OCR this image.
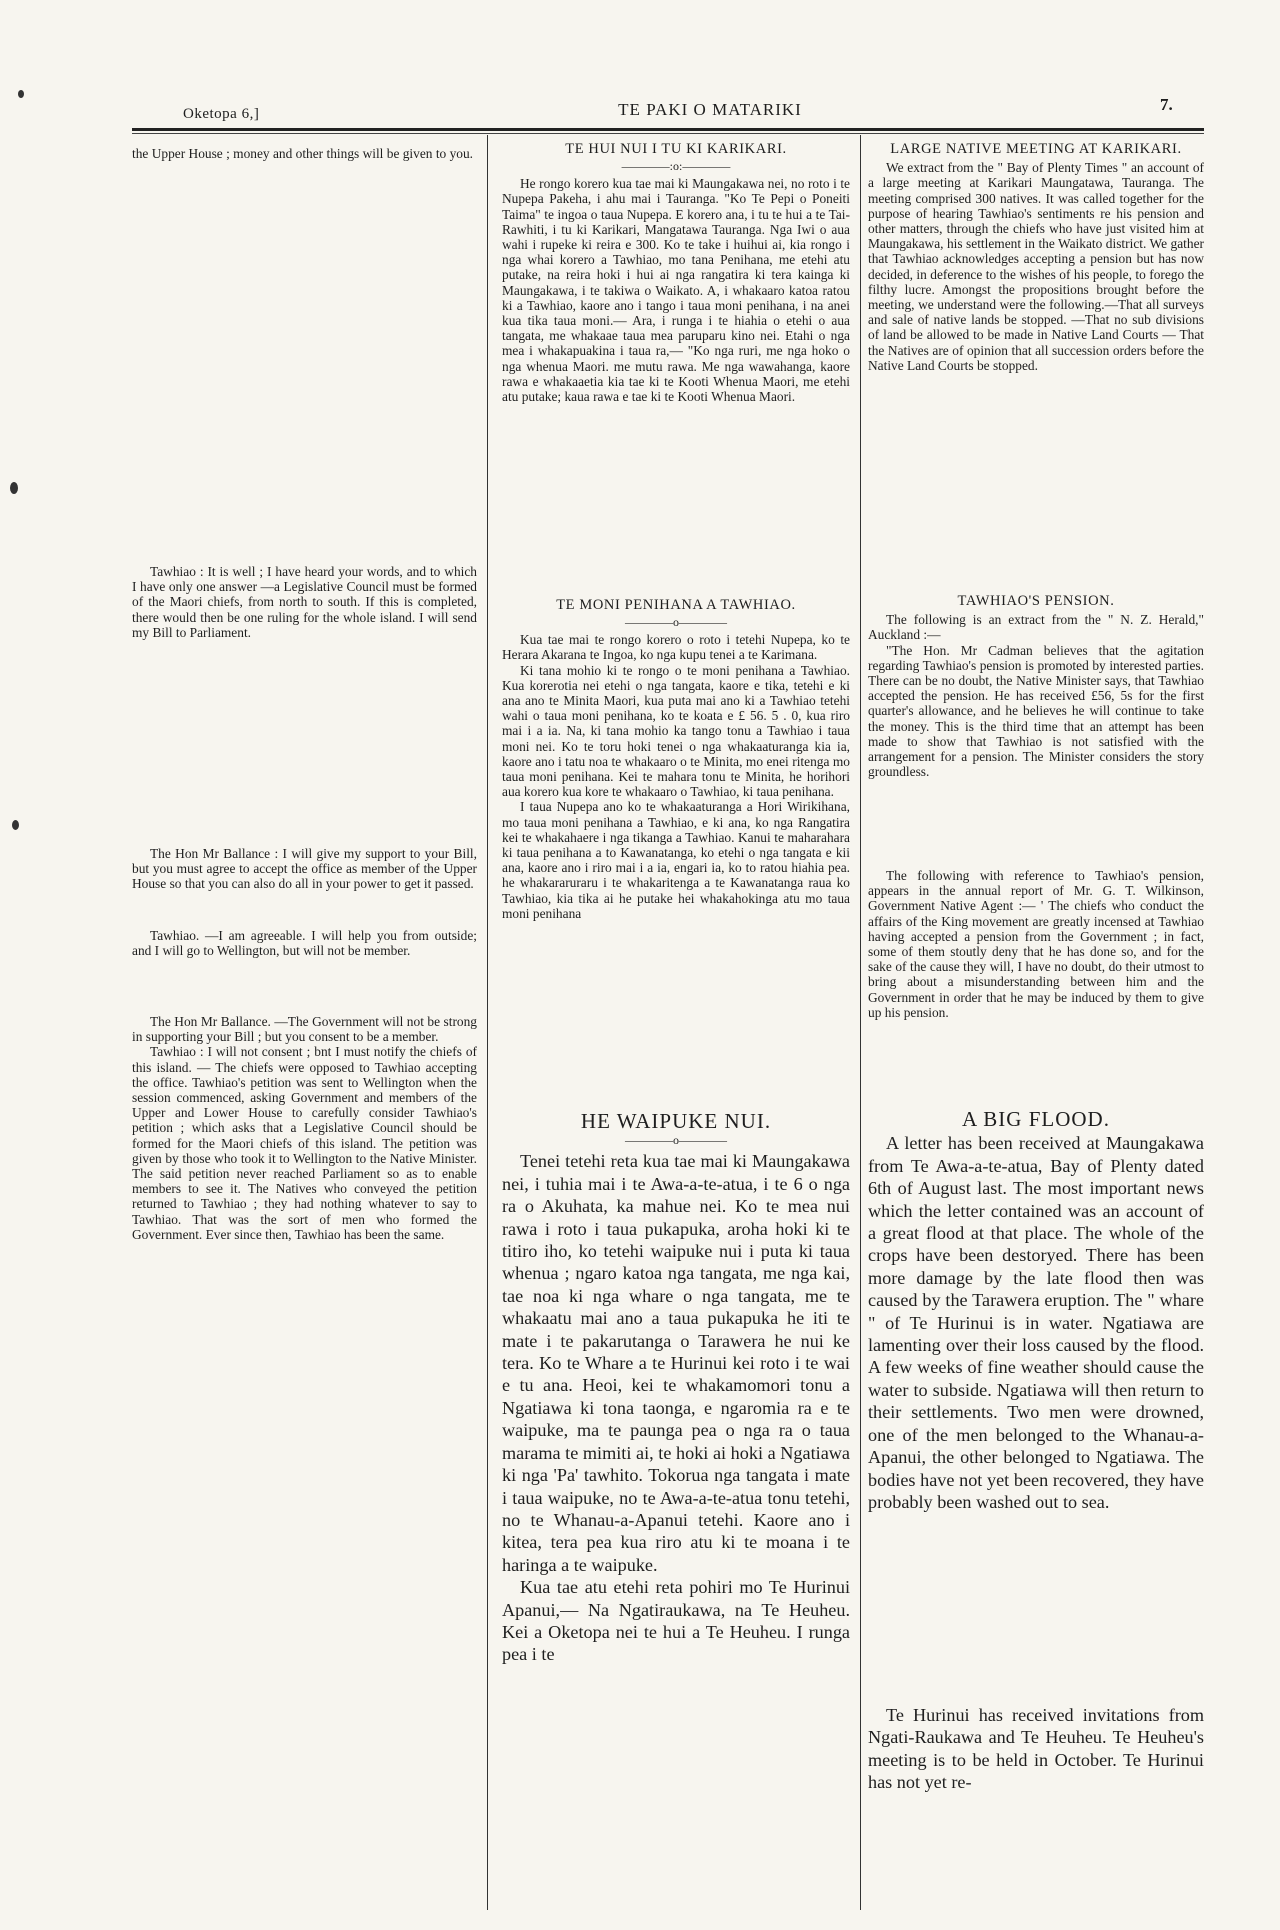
Oketopa 6,]	TE PAKI O MATARIKI	7.

the Upper House ; money and other things will be given to you.

Tawhiao : It is well ; I have heard your words, and to which I have only one answer —a Legislative Council must be formed of the Maori chiefs, from north to south. If this is completed, there would then be one ruling for the whole island. I will send my Bill to Parliament.

The Hon Mr Ballance : I will give my support to your Bill, but you must agree to accept the office as member of the Upper House so that you can also do all in your power to get it passed.

Tawhiao. —I am agreeable. I will help you from outside; and I will go to Wellington, but will not be member.

The Hon Mr Ballance. —The Government will not be strong in supporting your Bill ; but you consent to be a member.

Tawhiao : I will not consent ; bnt I must notify the chiefs of this island. — The chiefs were opposed to Tawhiao accepting the office. Tawhiao's petition was sent to Wellington when the session commenced, asking Government and members of the Upper and Lower House to carefully consider Tawhiao's petition ; which asks that a Legislative Council should be formed for the Maori chiefs of this island. The petition was given by those who took it to Wellington to the Native Minister. The said petition never reached Parliament so as to enable members to see it. The Natives who conveyed the petition returned to Tawhiao ; they had nothing whatever to say to Tawhiao. That was the sort of men who formed the Government. Ever since then, Tawhiao has been the same.

TE HUI NUI I TU KI KARIKARI.
————:o:————

He rongo korero kua tae mai ki Maungakawa nei, no roto i te Nupepa Pakeha, i ahu mai i Tauranga. "Ko Te Pepi o Poneiti Taima" te ingoa o taua Nupepa. E korero ana, i tu te hui a te Tai-Rawhiti, i tu ki Karikari, Mangatawa Tauranga. Nga Iwi o aua wahi i rupeke ki reira e 300. Ko te take i huihui ai, kia rongo i nga whai korero a Tawhiao, mo tana Penihana, me etehi atu putake, na reira hoki i hui ai nga rangatira ki tera kainga ki Maungakawa, i te takiwa o Waikato. A, i whakaaro katoa ratou ki a Tawhiao, kaore ano i tango i taua moni penihana, i na anei kua tika taua moni.— Ara, i runga i te hiahia o etehi o aua tangata, me whakaae taua mea paruparu kino nei. Etahi o nga mea i whakapuakina i taua ra,— "Ko nga ruri, me nga hoko o nga whenua Maori. me mutu rawa. Me nga wawahanga, kaore rawa e whakaaetia kia tae ki te Kooti Whenua Maori, me etehi atu putake; kaua rawa e tae ki te Kooti Whenua Maori.

TE MONI PENIHANA A TAWHIAO.
————o————

Kua tae mai te rongo korero o roto i tetehi Nupepa, ko te Herara Akarana te Ingoa, ko nga kupu tenei a te Karimana.

Ki tana mohio ki te rongo o te moni penihana a Tawhiao. Kua korerotia nei etehi o nga tangata, kaore e tika, tetehi e ki ana ano te Minita Maori, kua puta mai ano ki a Tawhiao tetehi wahi o taua moni penihana, ko te koata e £ 56. 5 . 0, kua riro mai i a ia. Na, ki tana mohio ka tango tonu a Tawhiao i taua moni nei. Ko te toru hoki tenei o nga whakaaturanga kia ia, kaore ano i tatu noa te whakaaro o te Minita, mo enei ritenga mo taua moni penihana. Kei te mahara tonu te Minita, he horihori aua korero kua kore te whakaaro o Tawhiao, ki taua penihana.

I taua Nupepa ano ko te whakaaturanga a Hori Wirikihana, mo taua moni penihana a Tawhiao, e ki ana, ko nga Rangatira kei te whakahaere i nga tikanga a Tawhiao. Kanui te maharahara ki taua penihana a to Kawanatanga, ko etehi o nga tangata e kii ana, kaore ano i riro mai i a ia, engari ia, ko to ratou hiahia pea. he whakararuraru i te whakaritenga a te Kawanatanga raua ko Tawhiao, kia tika ai he putake hei whakahokinga atu mo taua moni penihana

HE WAIPUKE NUI.
————o————

Tenei tetehi reta kua tae mai ki Maungakawa nei, i tuhia mai i te Awa-a-te-atua, i te 6 o nga ra o Akuhata, ka mahue nei. Ko te mea nui rawa i roto i taua pukapuka, aroha hoki ki te titiro iho, ko tetehi waipuke nui i puta ki taua whenua ; ngaro katoa nga tangata, me nga kai, tae noa ki nga whare o nga tangata, me te whakaatu mai ano a taua pukapuka he iti te mate i te pakarutanga o Tarawera he nui ke tera. Ko te Whare a te Hurinui kei roto i te wai e tu ana. Heoi, kei te whakamomori tonu a Ngatiawa ki tona taonga, e ngaromia ra e te waipuke, ma te paunga pea o nga ra o taua marama te mimiti ai, te hoki ai hoki a Ngatiawa ki nga 'Pa' tawhito. Tokorua nga tangata i mate i taua waipuke, no te Awa-a-te-atua tonu tetehi, no te Whanau-a-Apanui tetehi. Kaore ano i kitea, tera pea kua riro atu ki te moana i te haringa a te waipuke.

Kua tae atu etehi reta pohiri mo Te Hurinui Apanui,— Na Ngatiraukawa, na Te Heuheu. Kei a Oketopa nei te hui a Te Heuheu. I runga pea i te

LARGE NATIVE MEETING AT KARIKARI.

We extract from the " Bay of Plenty Times " an account of a large meeting at Karikari Maungatawa, Tauranga. The meeting comprised 300 natives. It was called together for the purpose of hearing Tawhiao's sentiments re his pension and other matters, through the chiefs who have just visited him at Maungakawa, his settlement in the Waikato district. We gather that Tawhiao acknowledges accepting a pension but has now decided, in deference to the wishes of his people, to forego the filthy lucre. Amongst the propositions brought before the meeting, we understand were the following.—That all surveys and sale of native lands be stopped. —That no sub divisions of land be allowed to be made in Native Land Courts — That the Natives are of opinion that all succession orders before the Native Land Courts be stopped.

TAWHIAO'S PENSION.

The following is an extract from the " N. Z. Herald," Auckland :—

"The Hon. Mr Cadman believes that the agitation regarding Tawhiao's pension is promoted by interested parties. There can be no doubt, the Native Minister says, that Tawhiao accepted the pension. He has received £56, 5s for the first quarter's allowance, and he believes he will continue to take the money. This is the third time that an attempt has been made to show that Tawhiao is not satisfied with the arrangement for a pension. The Minister considers the story groundless.

The following with reference to Tawhiao's pension, appears in the annual report of Mr. G. T. Wilkinson, Government Native Agent :— ' The chiefs who conduct the affairs of the King movement are greatly incensed at Tawhiao having accepted a pension from the Government ; in fact, some of them stoutly deny that he has done so, and for the sake of the cause they will, I have no doubt, do their utmost to bring about a misunderstanding between him and the Government in order that he may be induced by them to give up his pension.

A BIG FLOOD.

A letter has been received at Maungakawa from Te Awa-a-te-atua, Bay of Plenty dated 6th of August last. The most important news which the letter contained was an account of a great flood at that place. The whole of the crops have been destoryed. There has been more damage by the late flood then was caused by the Tarawera eruption. The " whare " of Te Hurinui is in water. Ngatiawa are lamenting over their loss caused by the flood. A few weeks of fine weather should cause the water to subside. Ngatiawa will then return to their settlements. Two men were drowned, one of the men belonged to the Whanau-a-Apanui, the other belonged to Ngatiawa. The bodies have not yet been recovered, they have probably been washed out to sea.

Te Hurinui has received invitations from Ngati-Raukawa and Te Heuheu. Te Heuheu's meeting is to be held in October. Te Hurinui has not yet re-
